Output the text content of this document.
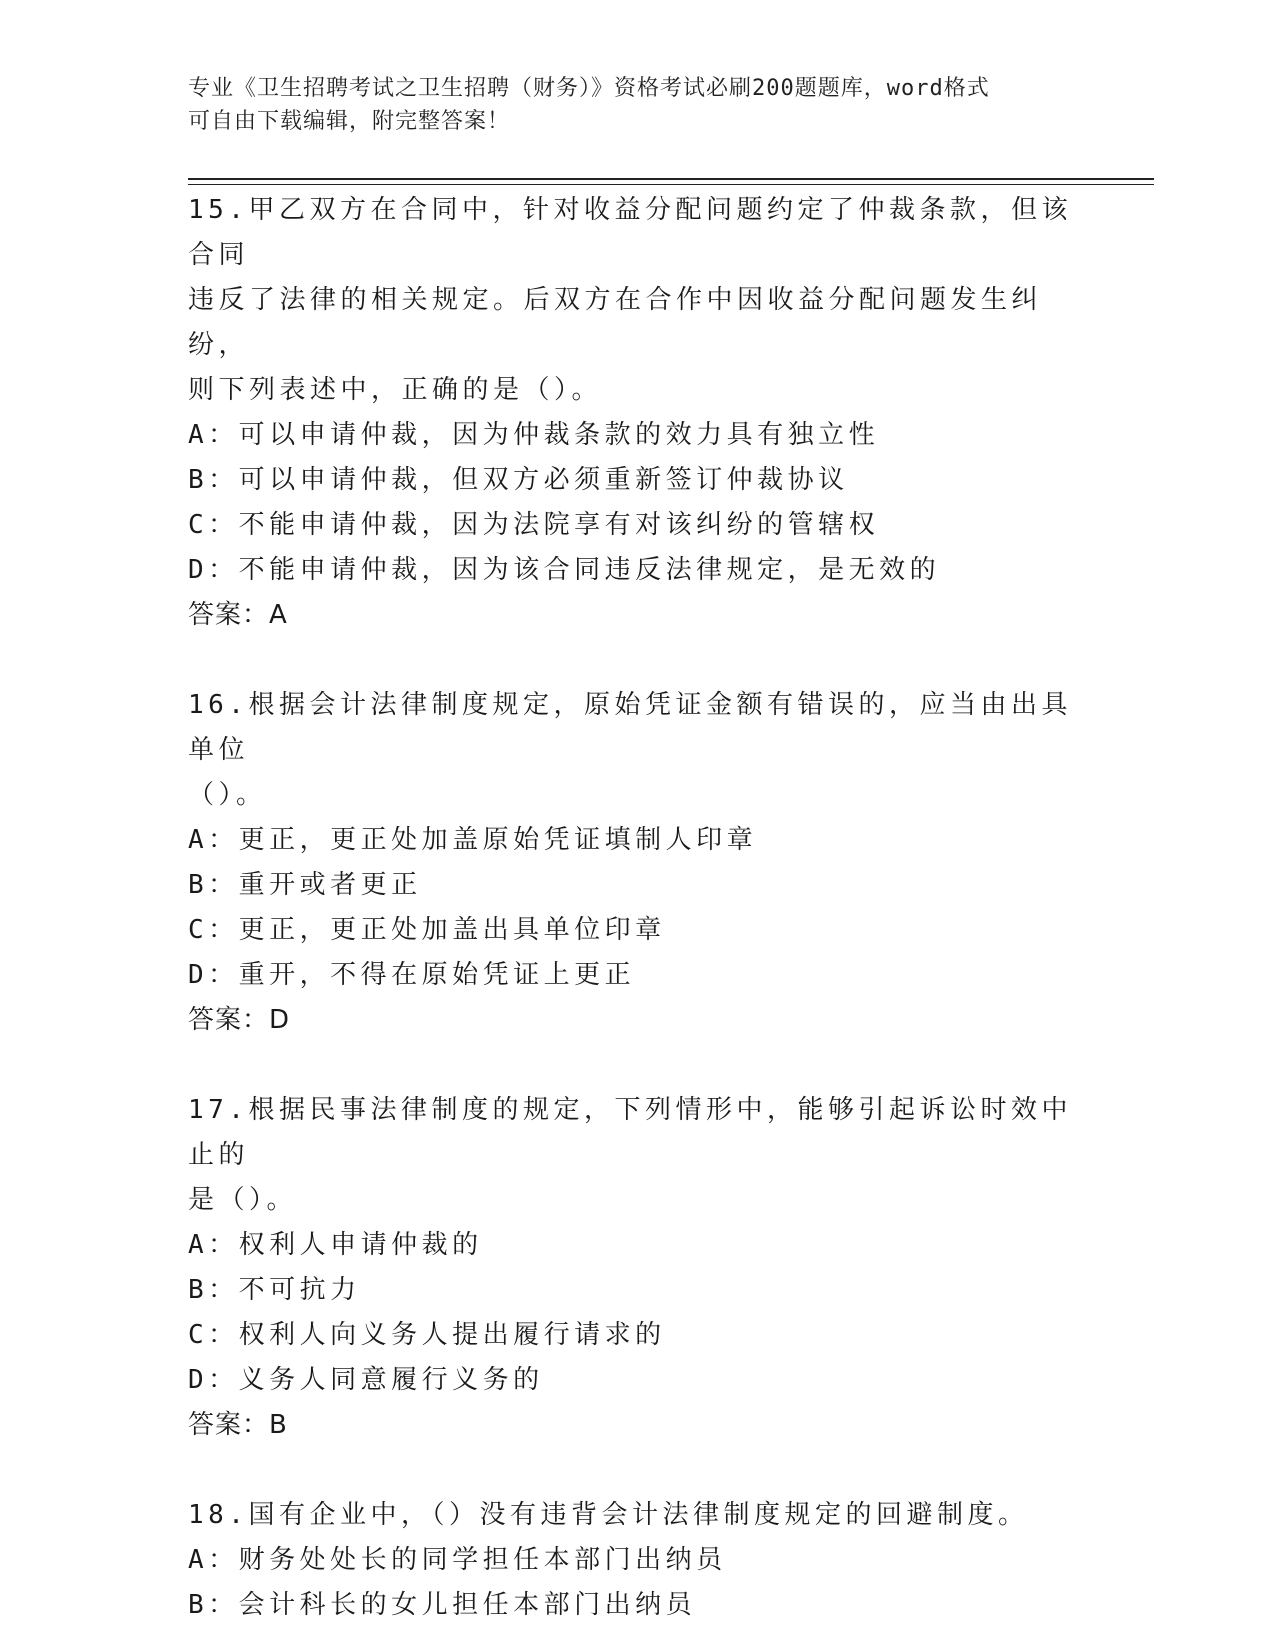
专业《卫生招聘考试之卫生招聘（财务）》资格考试必刷200题题库，word格式
可自由下载编辑，附完整答案！

15.甲乙双方在合同中，针对收益分配问题约定了仲裁条款，但该合同

违反了法律的相关规定。后双方在合作中因收益分配问题发生纠纷，

则下列表述中，正确的是（）。

A：可以申请仲裁，因为仲裁条款的效力具有独立性

B：可以申请仲裁，但双方必须重新签订仲裁协议

C：不能申请仲裁，因为法院享有对该纠纷的管辖权

D：不能申请仲裁，因为该合同违反法律规定，是无效的

答案：A

16.根据会计法律制度规定，原始凭证金额有错误的，应当由出具单位

（）。

A：更正，更正处加盖原始凭证填制人印章

B：重开或者更正

C：更正，更正处加盖出具单位印章

D：重开，不得在原始凭证上更正

答案：D

17.根据民事法律制度的规定，下列情形中，能够引起诉讼时效中止的

是（）。

A：权利人申请仲裁的

B：不可抗力

C：权利人向义务人提出履行请求的

D：义务人同意履行义务的

答案：B

18.国有企业中，（）没有违背会计法律制度规定的回避制度。

A：财务处处长的同学担任本部门出纳员

B：会计科长的女儿担任本部门出纳员
